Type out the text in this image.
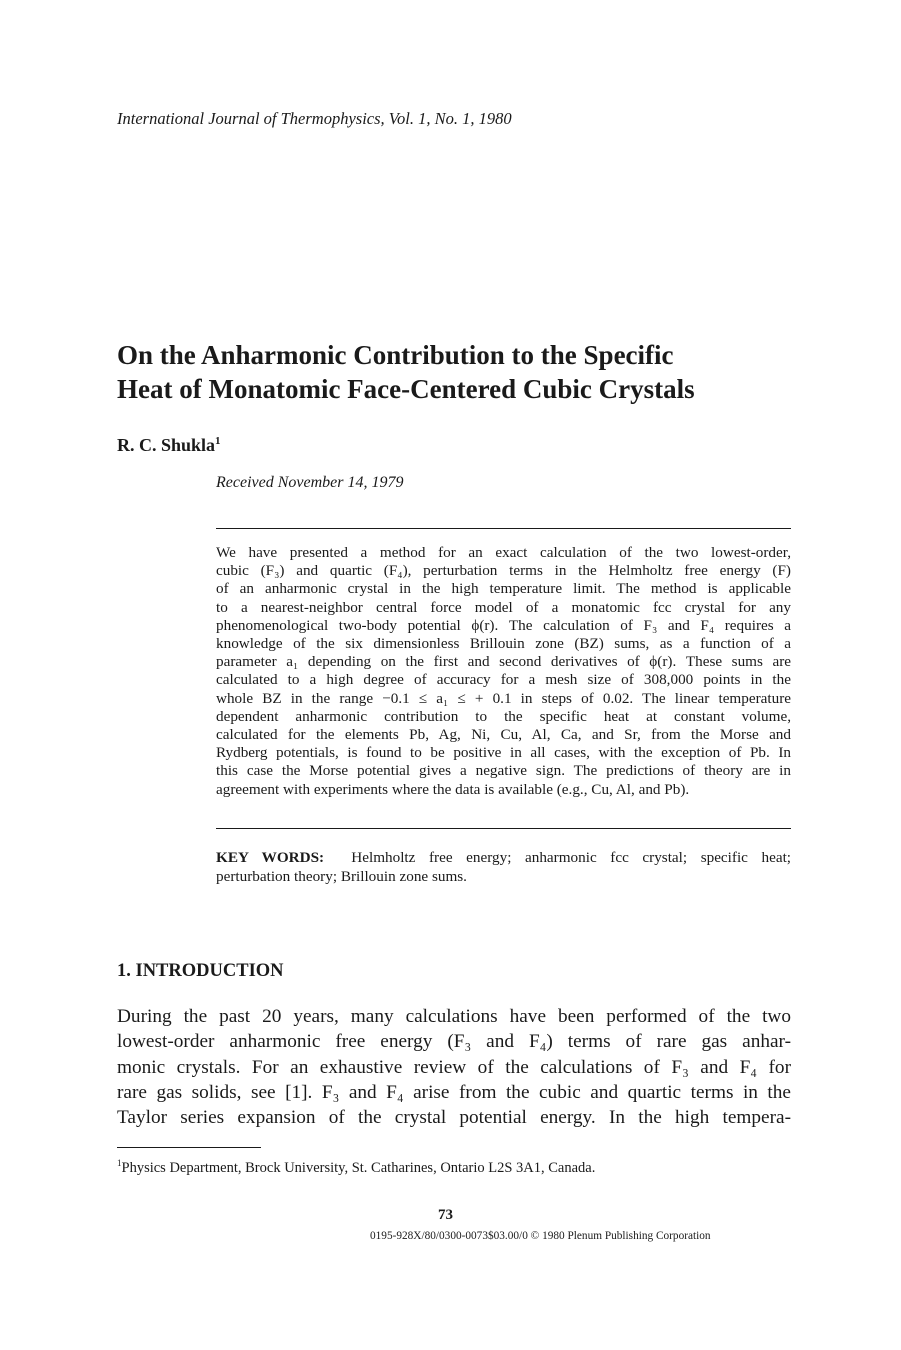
International Journal of Thermophysics, Vol. 1, No. 1, 1980
On the Anharmonic Contribution to the Specific
Heat of Monatomic Face-Centered Cubic Crystals
R. C. Shukla$^1$
Received November 14, 1979
We have presented a method for an exact calculation of the two lowest-order,
cubic (F₃) and quartic (F₄), perturbation terms in the Helmholtz free energy (F)
of an anharmonic crystal in the high temperature limit. The method is applicable
to a nearest-neighbor central force model of a monatomic fcc crystal for any
phenomenological two-body potential ϕ(r). The calculation of F₃ and F₄ requires a
knowledge of the six dimensionless Brillouin zone (BZ) sums, as a function of a
parameter a₁ depending on the first and second derivatives of ϕ(r). These sums are
calculated to a high degree of accuracy for a mesh size of 308,000 points in the
whole BZ in the range −0.1 ≤ a₁ ≤ + 0.1 in steps of 0.02. The linear temperature
dependent anharmonic contribution to the specific heat at constant volume,
calculated for the elements Pb, Ag, Ni, Cu, Al, Ca, and Sr, from the Morse and
Rydberg potentials, is found to be positive in all cases, with the exception of Pb. In
this case the Morse potential gives a negative sign. The predictions of theory are in
agreement with experiments where the data is available (e.g., Cu, Al, and Pb).
KEY WORDS: Helmholtz free energy; anharmonic fcc crystal; specific heat;
perturbation theory; Brillouin zone sums.
1. INTRODUCTION
During the past 20 years, many calculations have been performed of the two
lowest-order anharmonic free energy (F₃ and F₄) terms of rare gas anhar-
monic crystals. For an exhaustive review of the calculations of F₃ and F₄ for
rare gas solids, see [1]. F₃ and F₄ arise from the cubic and quartic terms in the
Taylor series expansion of the crystal potential energy. In the high tempera-
$^1$Physics Department, Brock University, St. Catharines, Ontario L2S 3A1, Canada.
73
0195-928X/80/0300-0073$03.00/0 © 1980 Plenum Publishing Corporation
